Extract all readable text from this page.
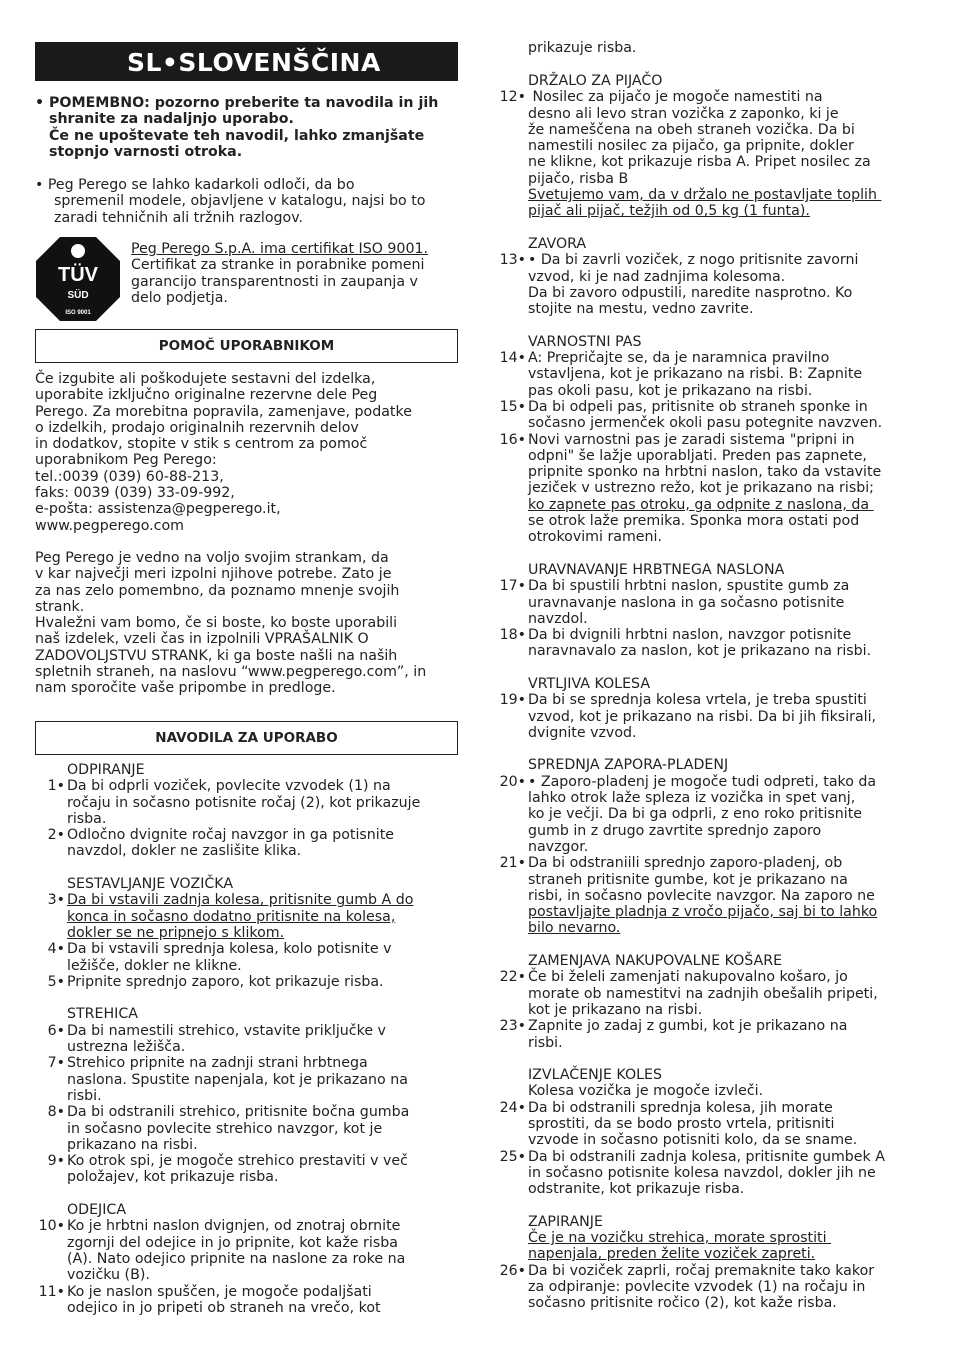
SL•SLOVENŠČINA
• POMEMBNO: pozorno preberite ta navodila in jih
shranite za nadaljnjo uporabo.
Če ne upoštevate teh navodil, lahko zmanjšate
stopnjo varnosti otroka.
• Peg Perego se lahko kadarkoli odloči, da bo
spremenil modele, objavljene v katalogu, najsi bo to
zaradi tehničnih ali tržnih razlogov.
TÜV
SÜD
ISO 9001
Peg Perego S.p.A. ima certifikat ISO 9001.
Certifikat za stranke in porabnike pomeni
garancijo transparentnosti in zaupanja v
delo podjetja.
POMOČ UPORABNIKOM
Če izgubite ali poškodujete sestavni del izdelka,
uporabite izključno originalne rezervne dele Peg
Perego. Za morebitna popravila, zamenjave, podatke
o izdelkih, prodajo originalnih rezervnih delov
in dodatkov, stopite v stik s centrom za pomoč
uporabnikom Peg Perego:
tel.:0039 (039) 60-88-213,
faks: 0039 (039) 33-09-992,
e-pošta: assistenza@pegperego.it,
www.pegperego.com
Peg Perego je vedno na voljo svojim strankam, da
v kar največji meri izpolni njihove potrebe. Zato je
za nas zelo pomembno, da poznamo mnenje svojih
strank.
Hvaležni vam bomo, če si boste, ko boste uporabili
naš izdelek, vzeli čas in izpolnili VPRAŠALNIK O
ZADOVOLJSTVU STRANK, ki ga boste našli na naših
spletnih straneh, na naslovu “www.pegperego.com”, in
nam sporočite vaše pripombe in predloge.
NAVODILA ZA UPORABO
ODPIRANJE
1• Da bi odprli voziček, povlecite vzvodek (1) na
ročaju in sočasno potisnite ročaj (2), kot prikazuje
risba.
2• Odločno dvignite ročaj navzgor in ga potisnite
navzdol, dokler ne zaslišite klika.
SESTAVLJANJE VOZIČKA
3• Da bi vstavili zadnja kolesa, pritisnite gumb A do
konca in sočasno dodatno pritisnite na kolesa,
dokler se ne pripnejo s klikom.
4• Da bi vstavili sprednja kolesa, kolo potisnite v
ležišče, dokler ne klikne.
5• Pripnite sprednjo zaporo, kot prikazuje risba.
STREHICA
6• Da bi namestili strehico, vstavite priključke v
ustrezna ležišča.
7• Strehico pripnite na zadnji strani hrbtnega
naslona. Spustite napenjala, kot je prikazano na
risbi.
8• Da bi odstranili strehico, pritisnite bočna gumba
in sočasno povlecite strehico navzgor, kot je
prikazano na risbi.
9• Ko otrok spi, je mogoče strehico prestaviti v več
položajev, kot prikazuje risba.
ODEJICA
10• Ko je hrbtni naslon dvignjen, od znotraj obrnite
zgornji del odejice in jo pripnite, kot kaže risba
(A). Nato odejico pripnite na naslone za roke na
vozičku (B).
11• Ko je naslon spuščen, je mogoče podaljšati
odejico in jo pripeti ob straneh na vrečo, kot
prikazuje risba.
DRŽALO ZA PIJAČO
12• Nosilec za pijačo je mogoče namestiti na
desno ali levo stran vozička z zaponko, ki je
že nameščena na obeh straneh vozička. Da bi
namestili nosilec za pijačo, ga pripnite, dokler
ne klikne, kot prikazuje risba A. Pripet nosilec za
pijačo, risba B
Svetujemo vam, da v držalo ne postavljate toplih
pijač ali pijač, težjih od 0,5 kg (1 funta).
ZAVORA
13• • Da bi zavrli voziček, z nogo pritisnite zavorni
vzvod, ki je nad zadnjima kolesoma.
Da bi zavoro odpustili, naredite nasprotno. Ko
stojite na mestu, vedno zavrite.
VARNOSTNI PAS
14• A: Prepričajte se, da je naramnica pravilno
vstavljena, kot je prikazano na risbi. B: Zapnite
pas okoli pasu, kot je prikazano na risbi.
15• Da bi odpeli pas, pritisnite ob straneh sponke in
sočasno jermenček okoli pasu potegnite navzven.
16• Novi varnostni pas je zaradi sistema "pripni in
odpni" še lažje uporabljati. Preden pas zapnete,
pripnite sponko na hrbtni naslon, tako da vstavite
jeziček v ustrezno režo, kot je prikazano na risbi;
ko zapnete pas otroku, ga odpnite z naslona, da
se otrok laže premika. Sponka mora ostati pod
otrokovimi rameni.
URAVNAVANJE HRBTNEGA NASLONA
17• Da bi spustili hrbtni naslon, spustite gumb za
uravnavanje naslona in ga sočasno potisnite
navzdol.
18• Da bi dvignili hrbtni naslon, navzgor potisnite
naravnavalo za naslon, kot je prikazano na risbi.
VRTLJIVA KOLESA
19• Da bi se sprednja kolesa vrtela, je treba spustiti
vzvod, kot je prikazano na risbi. Da bi jih fiksirali,
dvignite vzvod.
SPREDNJA ZAPORA-PLADENJ
20• • Zaporo-pladenj je mogoče tudi odpreti, tako da
lahko otrok laže spleza iz vozička in spet vanj,
ko je večji. Da bi ga odprli, z eno roko pritisnite
gumb in z drugo zavrtite sprednjo zaporo
navzgor.
21• Da bi odstraniili sprednjo zaporo-pladenj, ob
straneh pritisnite gumbe, kot je prikazano na
risbi, in sočasno povlecite navzgor. Na zaporo ne
postavljajte pladnja z vročo pijačo, saj bi to lahko
bilo nevarno.
ZAMENJAVA NAKUPOVALNE KOŠARE
22• Če bi želeli zamenjati nakupovalno košaro, jo
morate ob namestitvi na zadnjih obešalih pripeti,
kot je prikazano na risbi.
23• Zapnite jo zadaj z gumbi, kot je prikazano na
risbi.
IZVLAČENJE KOLES
Kolesa vozička je mogoče izvleči.
24• Da bi odstranili sprednja kolesa, jih morate
sprostiti, da se bodo prosto vrtela, pritisniti
vzvode in sočasno potisniti kolo, da se sname.
25• Da bi odstranili zadnja kolesa, pritisnite gumbek A
in sočasno potisnite kolesa navzdol, dokler jih ne
odstranite, kot prikazuje risba.
ZAPIRANJE
Če je na vozičku strehica, morate sprostiti
napenjala, preden želite voziček zapreti.
26• Da bi voziček zaprli, ročaj premaknite tako kakor
za odpiranje: povlecite vzvodek (1) na ročaju in
sočasno pritisnite ročico (2), kot kaže risba.
